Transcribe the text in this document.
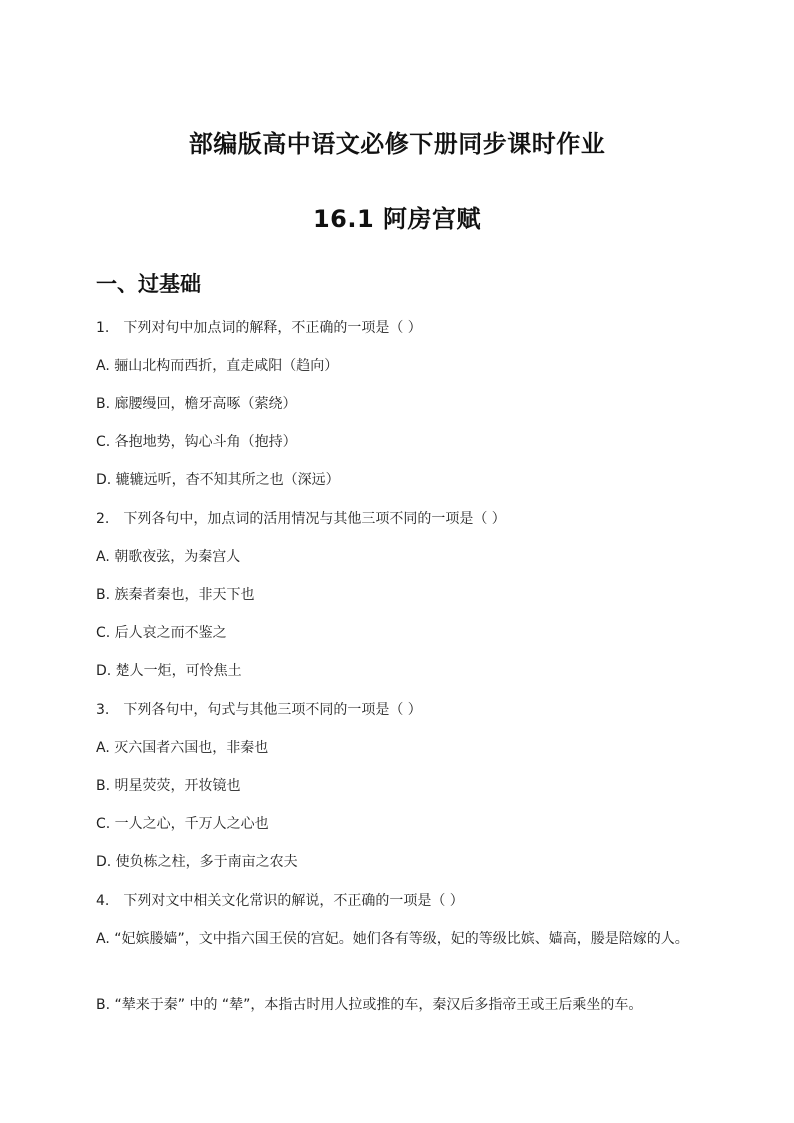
部编版高中语文必修下册同步课时作业
16.1 阿房宫赋
一、过基础
1.　下列对句中加点词的解释，不正确的一项是（ ）
A. 骊山北构而西折，直走咸阳（趋向）
B. 廊腰缦回，檐牙高啄（萦绕）
C. 各抱地势，钩心斗角（抱持）
D. 辘辘远听，杳不知其所之也（深远）
2.　下列各句中，加点词的活用情况与其他三项不同的一项是（ ）
A. 朝歌夜弦，为秦宫人
B. 族秦者秦也，非天下也
C. 后人哀之而不鉴之
D. 楚人一炬，可怜焦土
3.　下列各句中，句式与其他三项不同的一项是（ ）
A. 灭六国者六国也，非秦也
B. 明星荧荧，开妆镜也
C. 一人之心，千万人之心也
D. 使负栋之柱，多于南亩之农夫
4.　下列对文中相关文化常识的解说，不正确的一项是（ ）
A. “妃嫔媵嫱”，文中指六国王侯的宫妃。她们各有等级，妃的等级比嫔、嫱高，媵是陪嫁的人。
B. “辇来于秦” 中的 “辇”，本指古时用人拉或推的车，秦汉后多指帝王或王后乘坐的车。
